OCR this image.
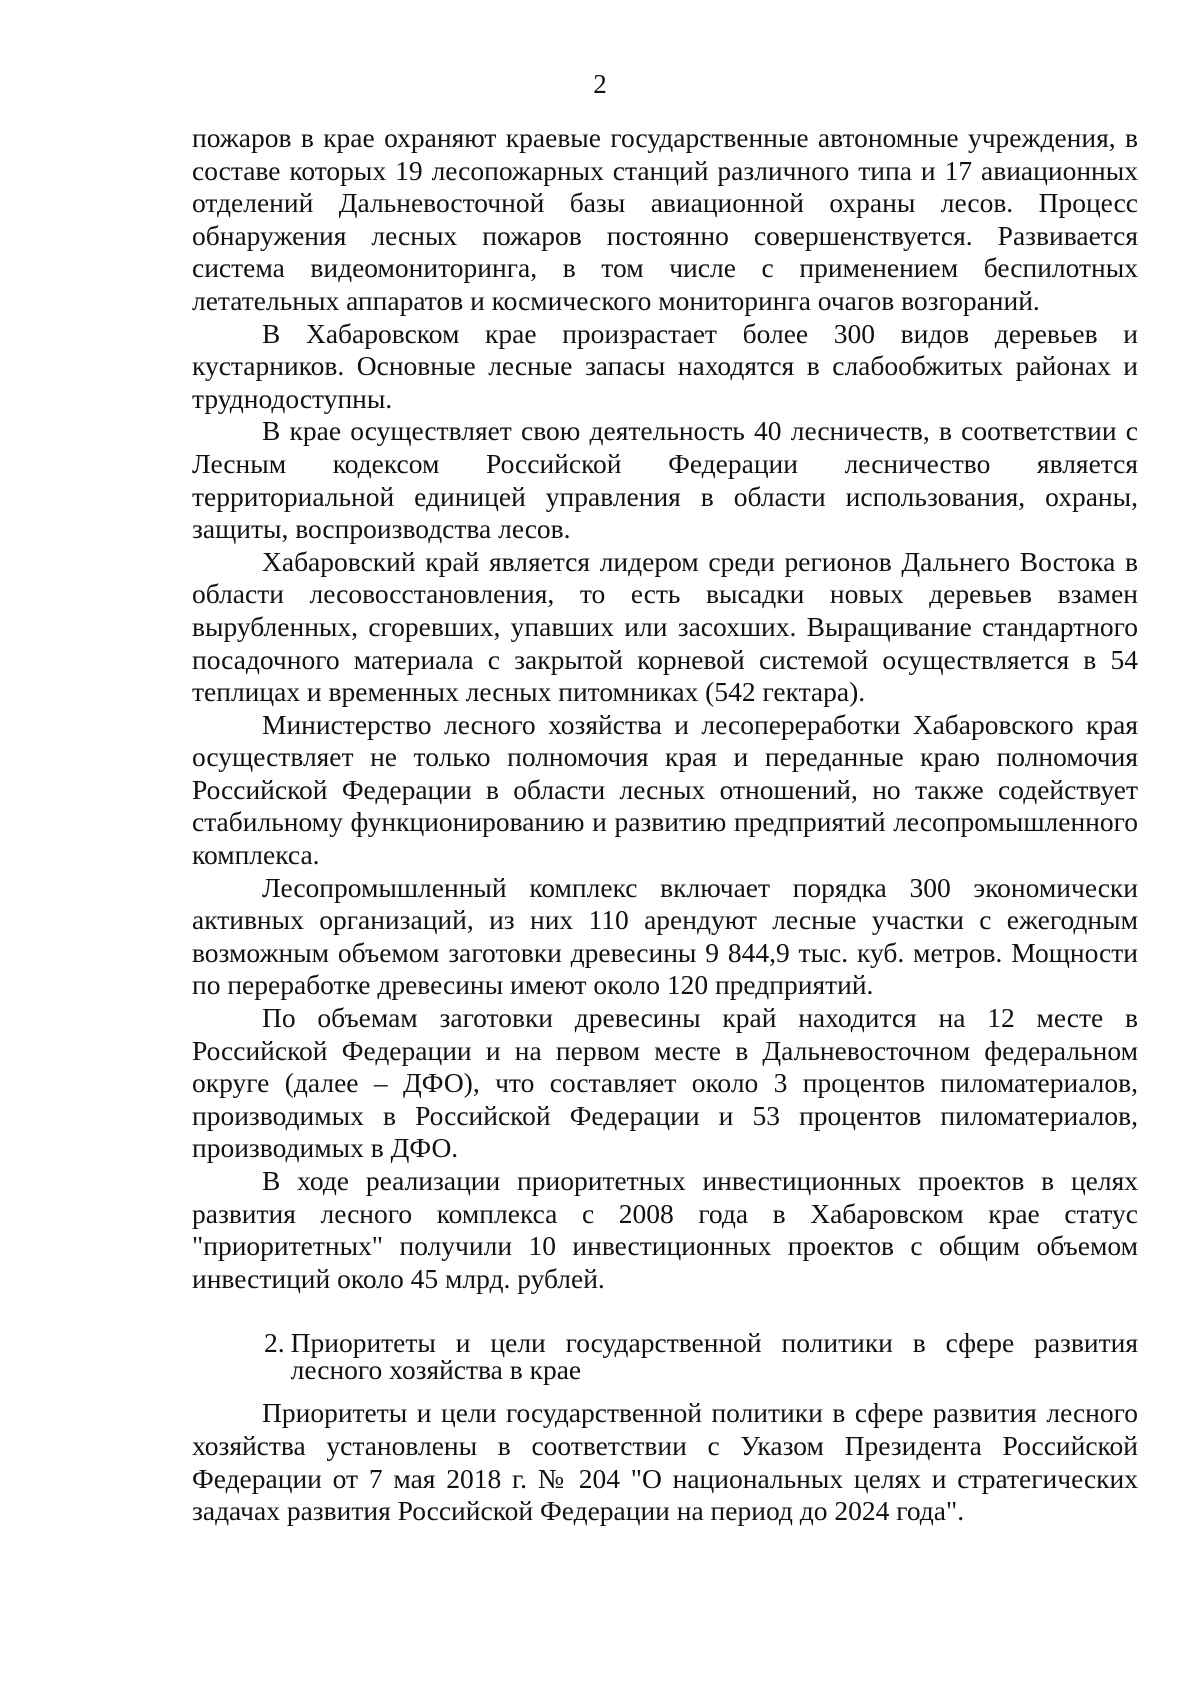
2

пожаров в крае охраняют краевые государственные автономные учреждения, в составе которых 19 лесопожарных станций различного типа и 17 авиационных отделений Дальневосточной базы авиационной охраны лесов. Процесс обнаружения лесных пожаров постоянно совершенствуется. Развивается система видеомониторинга, в том числе с применением беспилотных летательных аппаратов и космического мониторинга очагов возгораний.

В Хабаровском крае произрастает более 300 видов деревьев и кустарников. Основные лесные запасы находятся в слабообжитых районах и труднодоступны.

В крае осуществляет свою деятельность 40 лесничеств, в соответствии с Лесным кодексом Российской Федерации лесничество является территориальной единицей управления в области использования, охраны, защиты, воспроизводства лесов.

Хабаровский край является лидером среди регионов Дальнего Востока в области лесовосстановления, то есть высадки новых деревьев взамен вырубленных, сгоревших, упавших или засохших. Выращивание стандартного посадочного материала с закрытой корневой системой осуществляется в 54 теплицах и временных лесных питомниках (542 гектара).

Министерство лесного хозяйства и лесопереработки Хабаровского края осуществляет не только полномочия края и переданные краю полномочия Российской Федерации в области лесных отношений, но также содействует стабильному функционированию и развитию предприятий лесопромышленного комплекса.

Лесопромышленный комплекс включает порядка 300 экономически активных организаций, из них 110 арендуют лесные участки с ежегодным возможным объемом заготовки древесины 9 844,9 тыс. куб. метров. Мощности по переработке древесины имеют около 120 предприятий.

По объемам заготовки древесины край находится на 12 месте в Российской Федерации и на первом месте в Дальневосточном федеральном округе (далее – ДФО), что составляет около 3 процентов пиломатериалов, производимых в Российской Федерации и 53 процентов пиломатериалов, производимых в ДФО.

В ходе реализации приоритетных инвестиционных проектов в целях развития лесного комплекса с 2008 года в Хабаровском крае статус "приоритетных" получили 10 инвестиционных проектов с общим объемом инвестиций около 45 млрд. рублей.

2. Приоритеты и цели государственной политики в сфере развития лесного хозяйства в крае

Приоритеты и цели государственной политики в сфере развития лесного хозяйства установлены в соответствии с Указом Президента Российской Федерации от 7 мая 2018 г. № 204 "О национальных целях и стратегических задачах развития Российской Федерации на период до 2024 года".
